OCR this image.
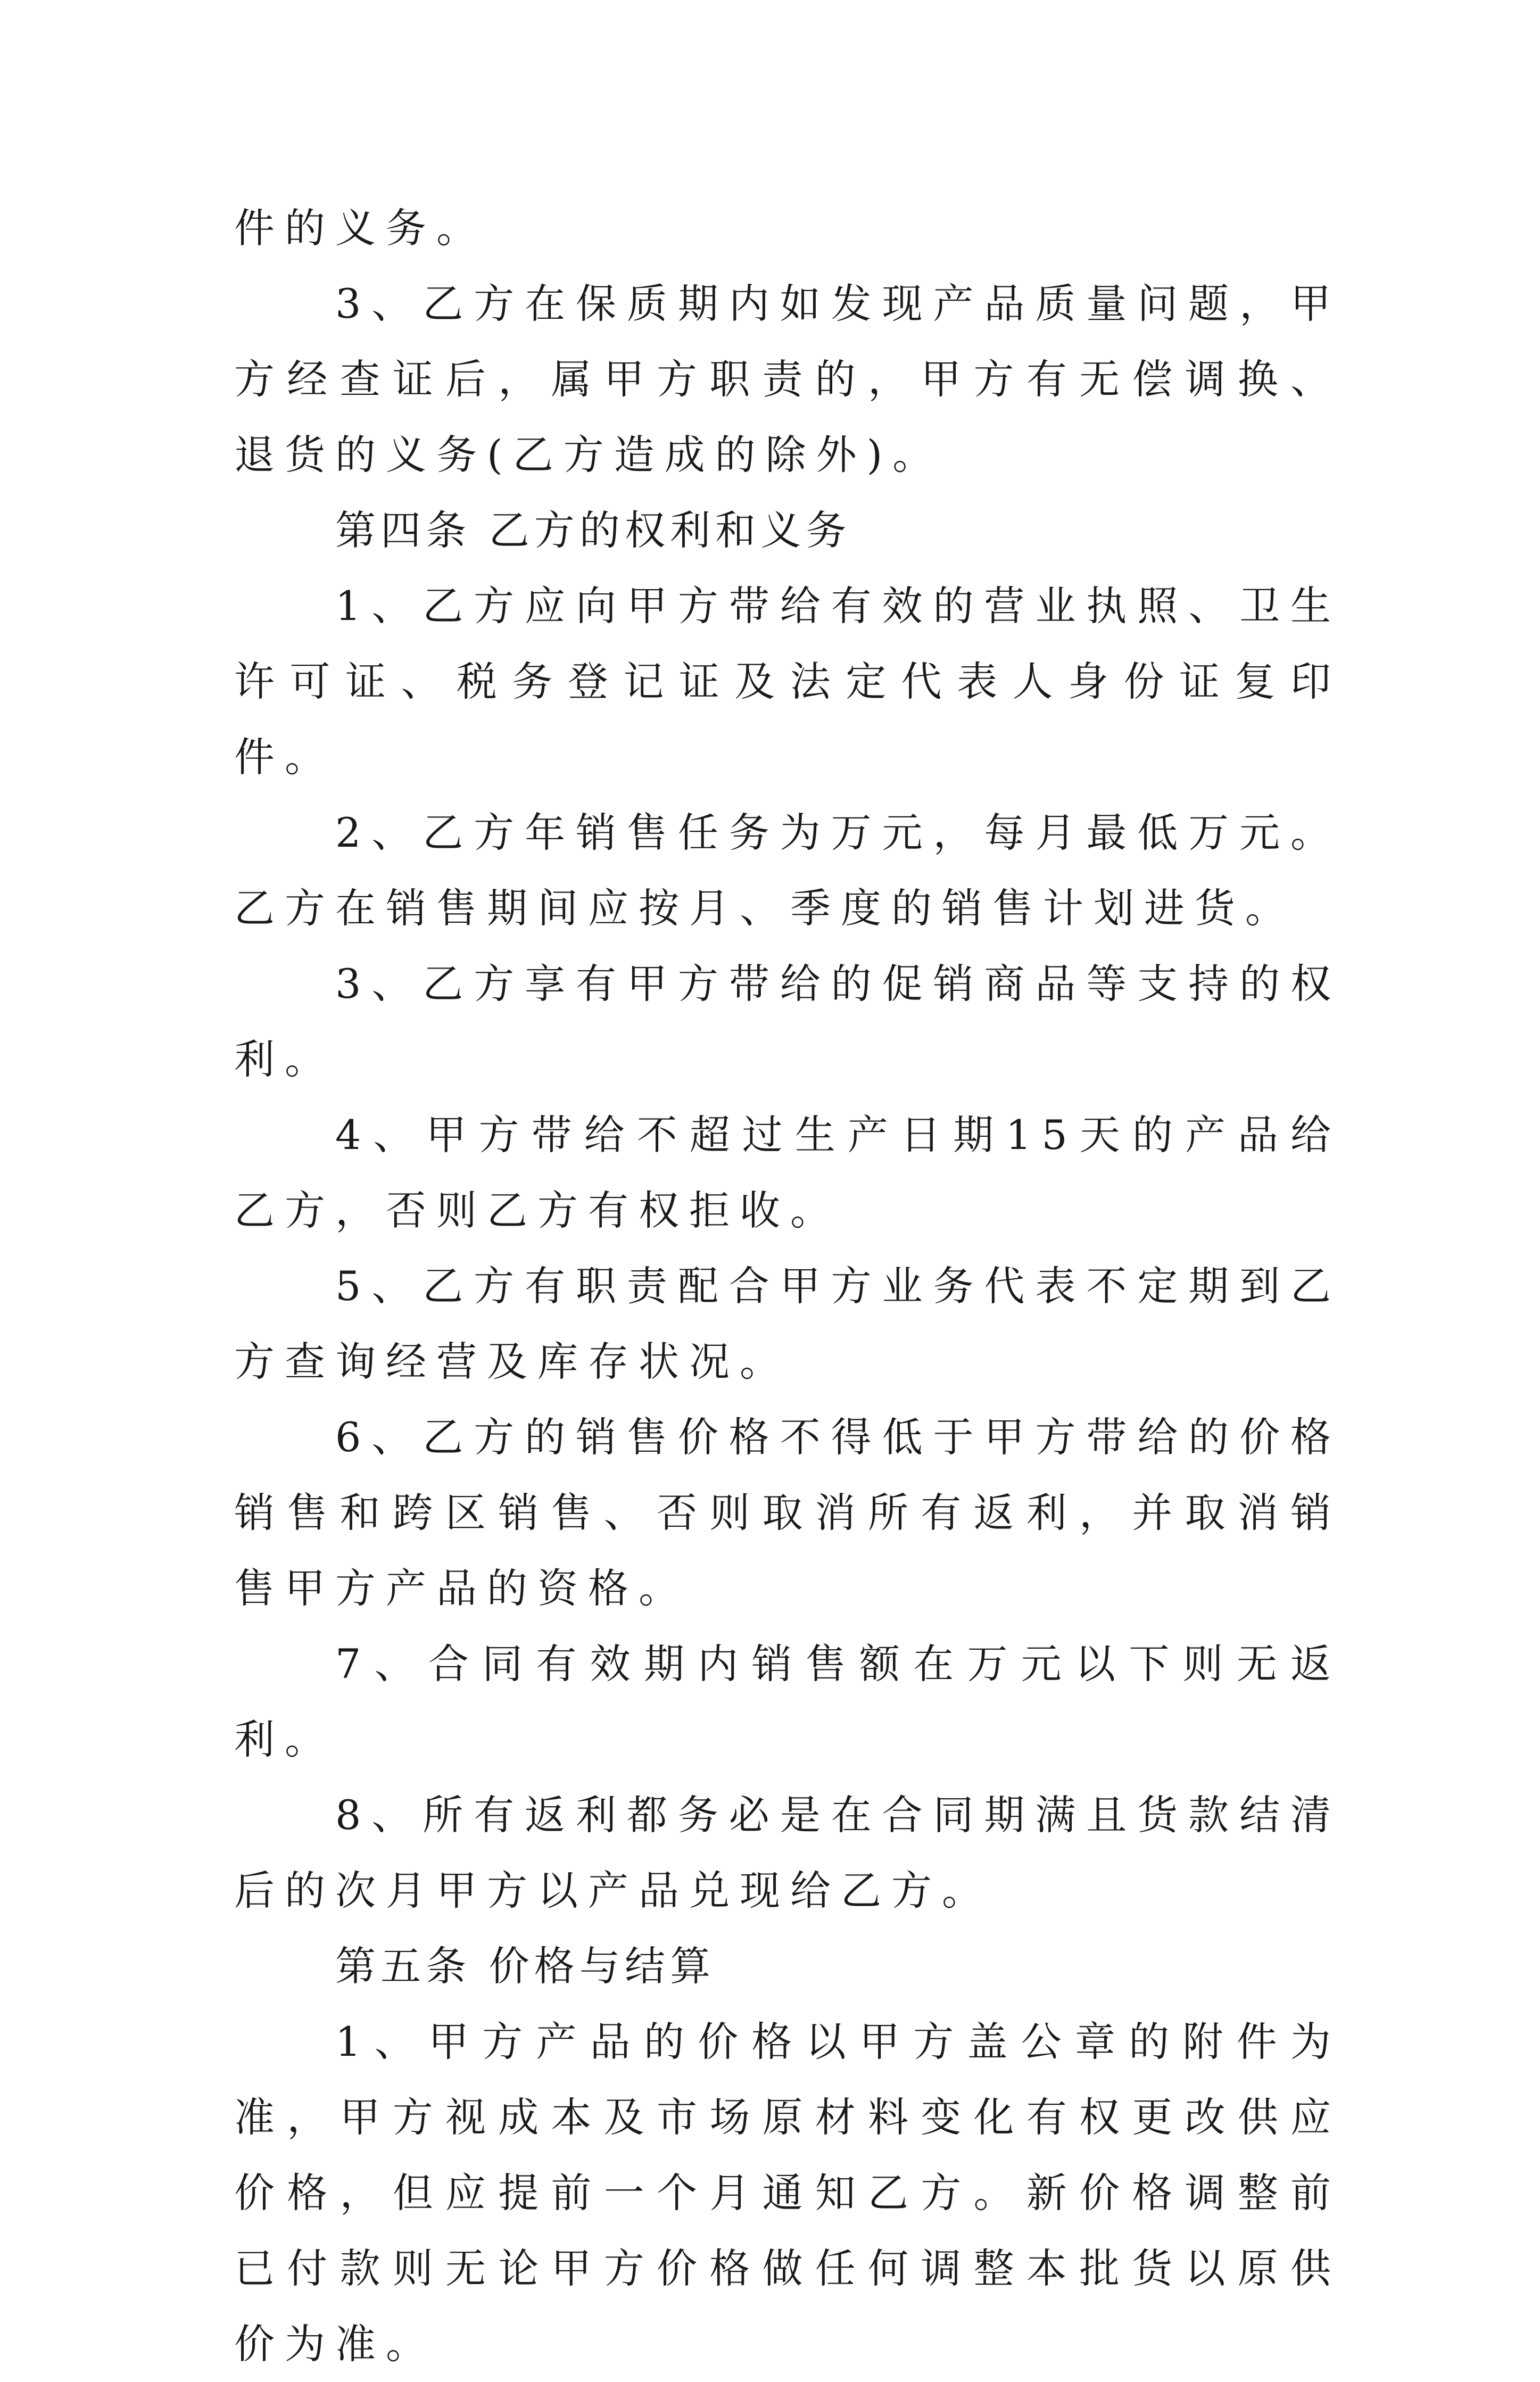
件的义务。

3、乙方在保质期内如发现产品质量问题，甲方经查证后，属甲方职责的，甲方有无偿调换、退货的义务(乙方造成的除外)。

第四条 乙方的权利和义务

1、乙方应向甲方带给有效的营业执照、卫生许可证、税务登记证及法定代表人身份证复印件。

2、乙方年销售任务为万元，每月最低万元。乙方在销售期间应按月、季度的销售计划进货。

3、乙方享有甲方带给的促销商品等支持的权利。

4、甲方带给不超过生产日期15天的产品给乙方，否则乙方有权拒收。

5、乙方有职责配合甲方业务代表不定期到乙方查询经营及库存状况。

6、乙方的销售价格不得低于甲方带给的价格销售和跨区销售、否则取消所有返利，并取消销售甲方产品的资格。

7、合同有效期内销售额在万元以下则无返利。

8、所有返利都务必是在合同期满且货款结清后的次月甲方以产品兑现给乙方。

第五条 价格与结算

1、甲方产品的价格以甲方盖公章的附件为准，甲方视成本及市场原材料变化有权更改供应价格，但应提前一个月通知乙方。新价格调整前已付款则无论甲方价格做任何调整本批货以原供价为准。
